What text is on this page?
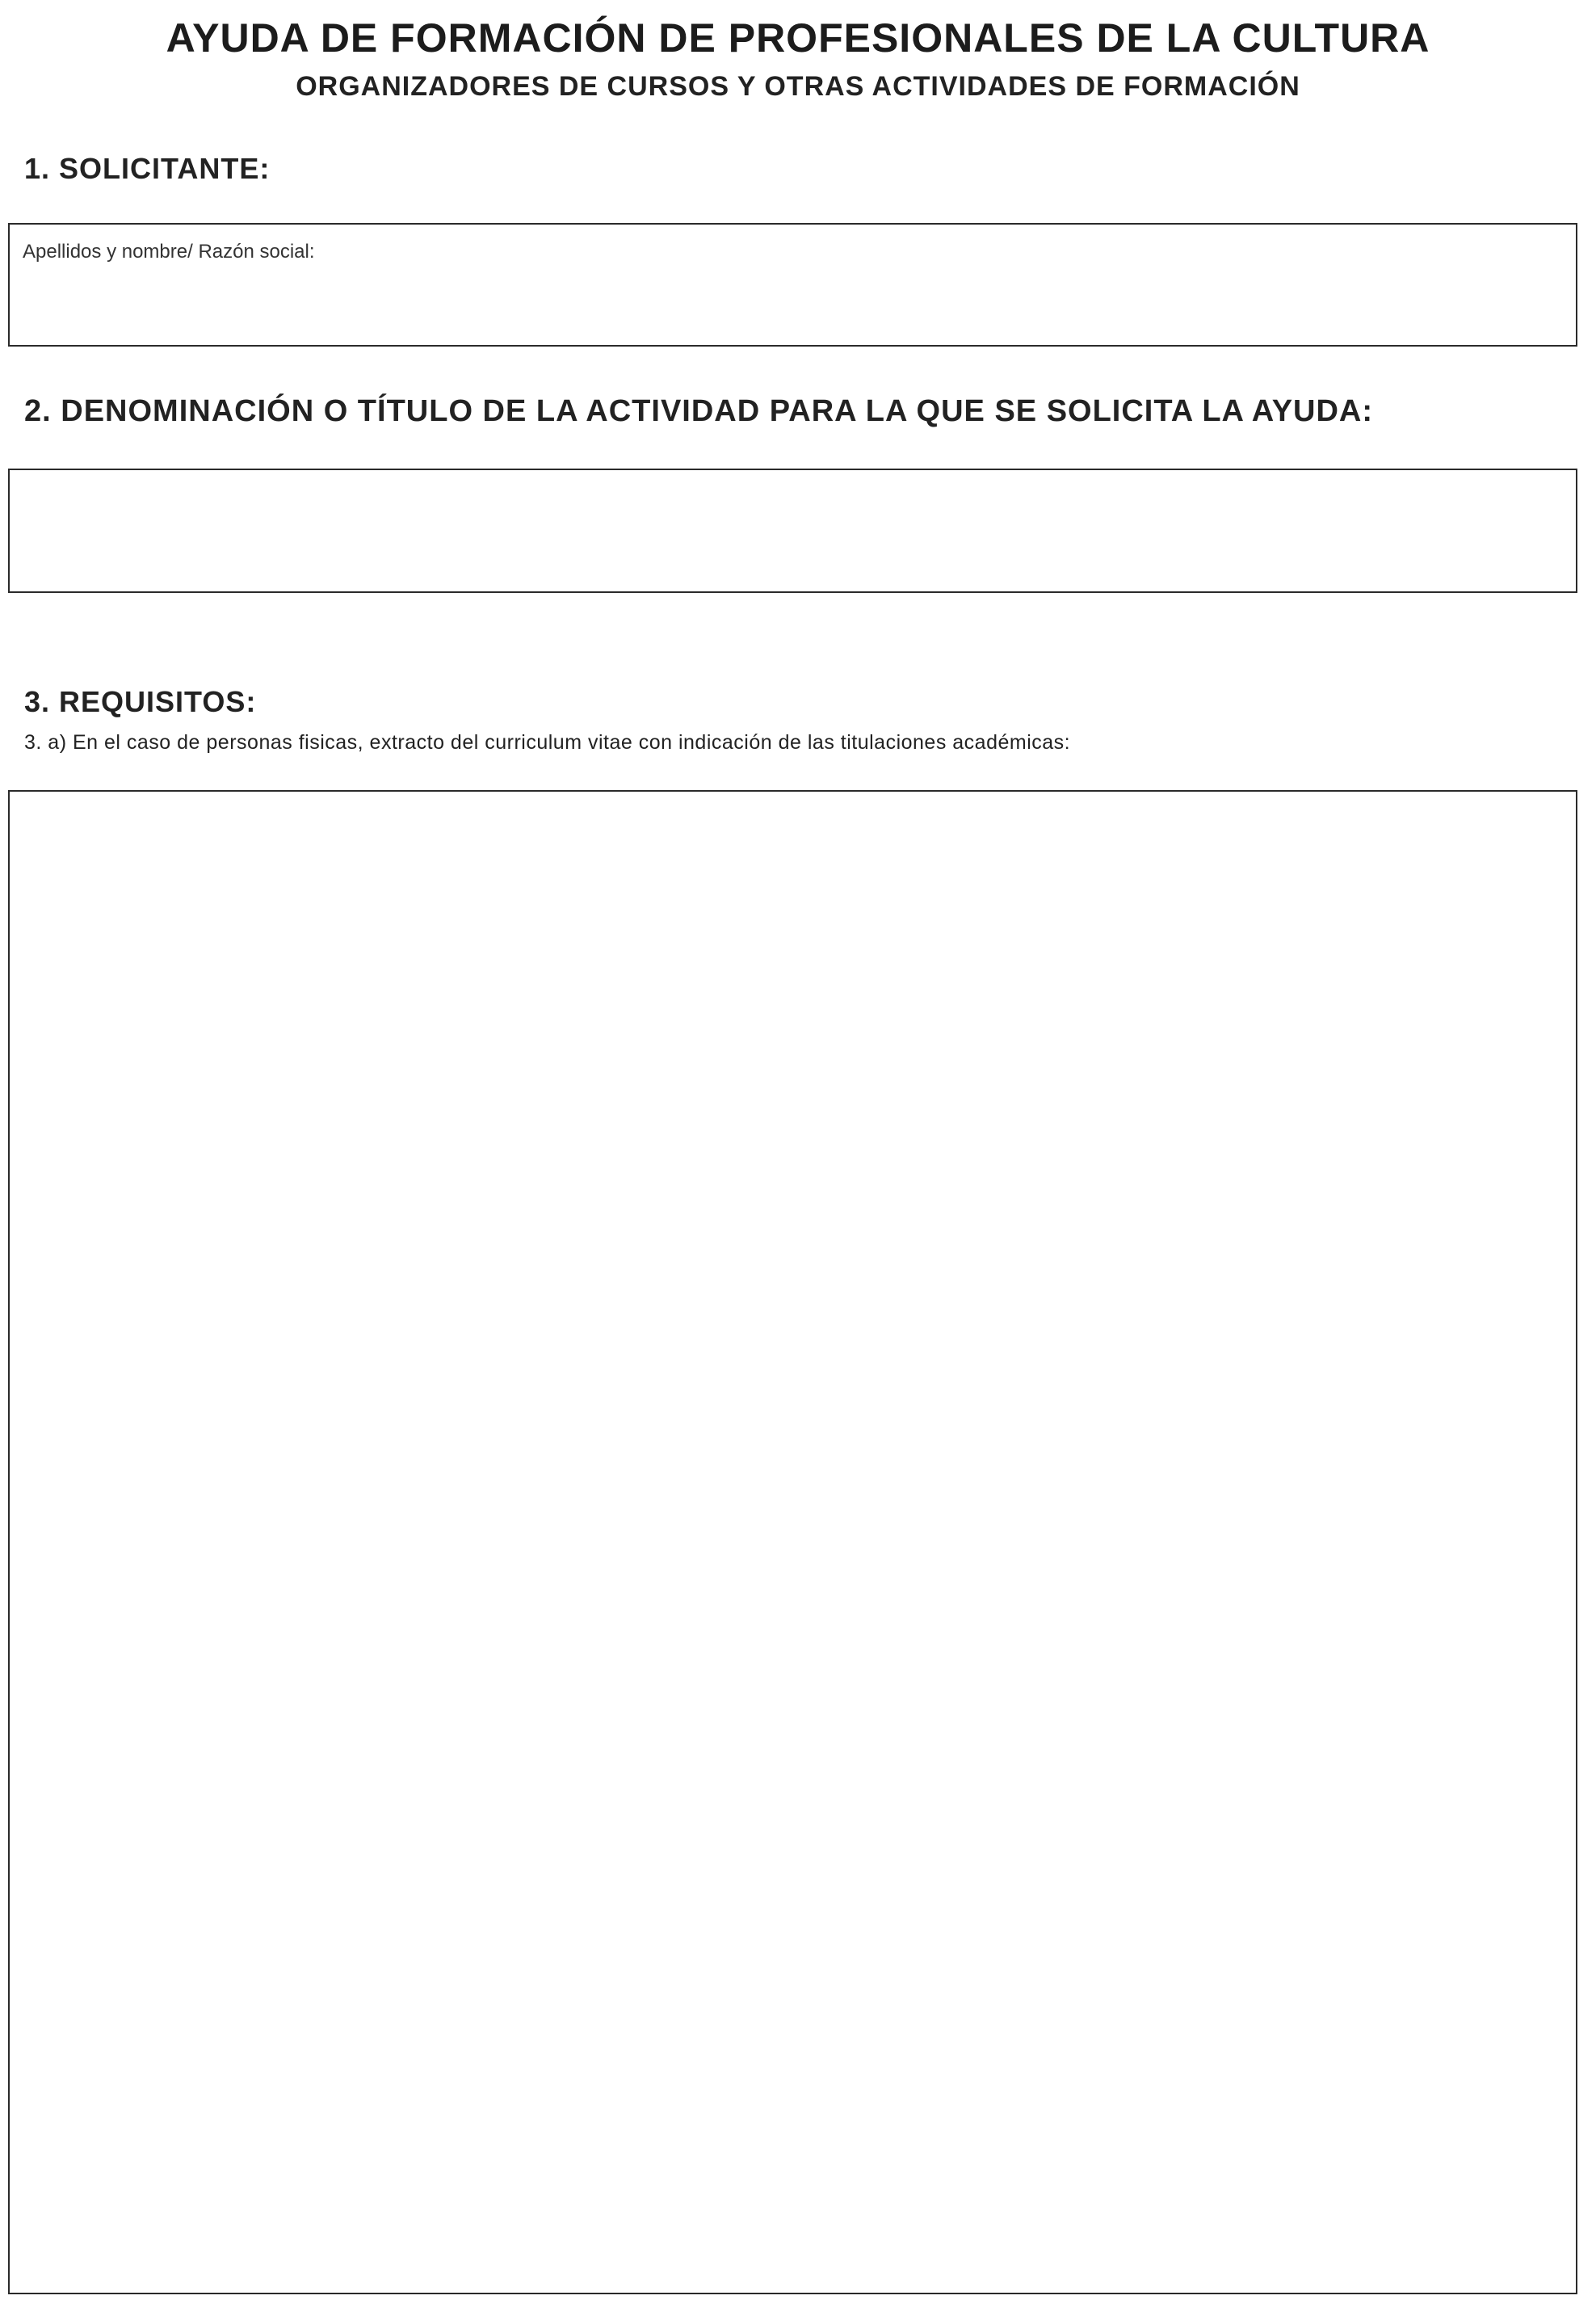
AYUDA DE FORMACIÓN DE PROFESIONALES DE LA CULTURA
ORGANIZADORES DE CURSOS Y OTRAS ACTIVIDADES DE FORMACIÓN
1. SOLICITANTE:
Apellidos y nombre/ Razón social:
2. DENOMINACIÓN O TÍTULO DE LA ACTIVIDAD PARA LA QUE SE SOLICITA LA AYUDA:
3. REQUISITOS:
3. a) En el caso de personas fisicas, extracto del curriculum vitae con indicación de las titulaciones académicas:
